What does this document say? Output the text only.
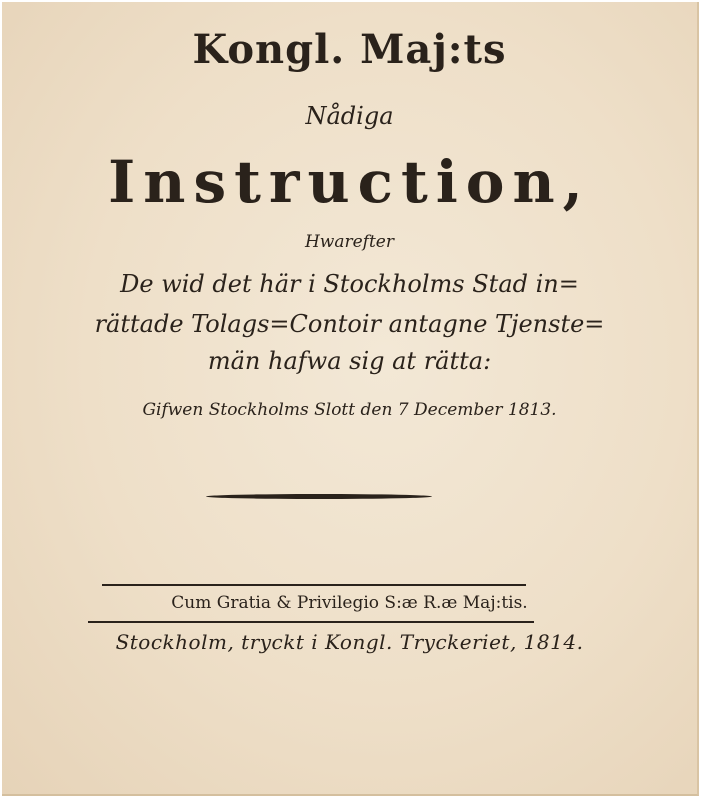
Kongl. Maj:ts
Nådiga
Instruction,
Hwarefter
De wid det här i Stockholms Stad in=
rättade Tolags=Contoir antagne Tjenste=
män hafwa sig at rätta:
Gifwen Stockholms Slott den 7 December 1813.
Cum Gratia & Privilegio S:æ R.æ Maj:tis.
Stockholm, tryckt i Kongl. Tryckeriet, 1814.
